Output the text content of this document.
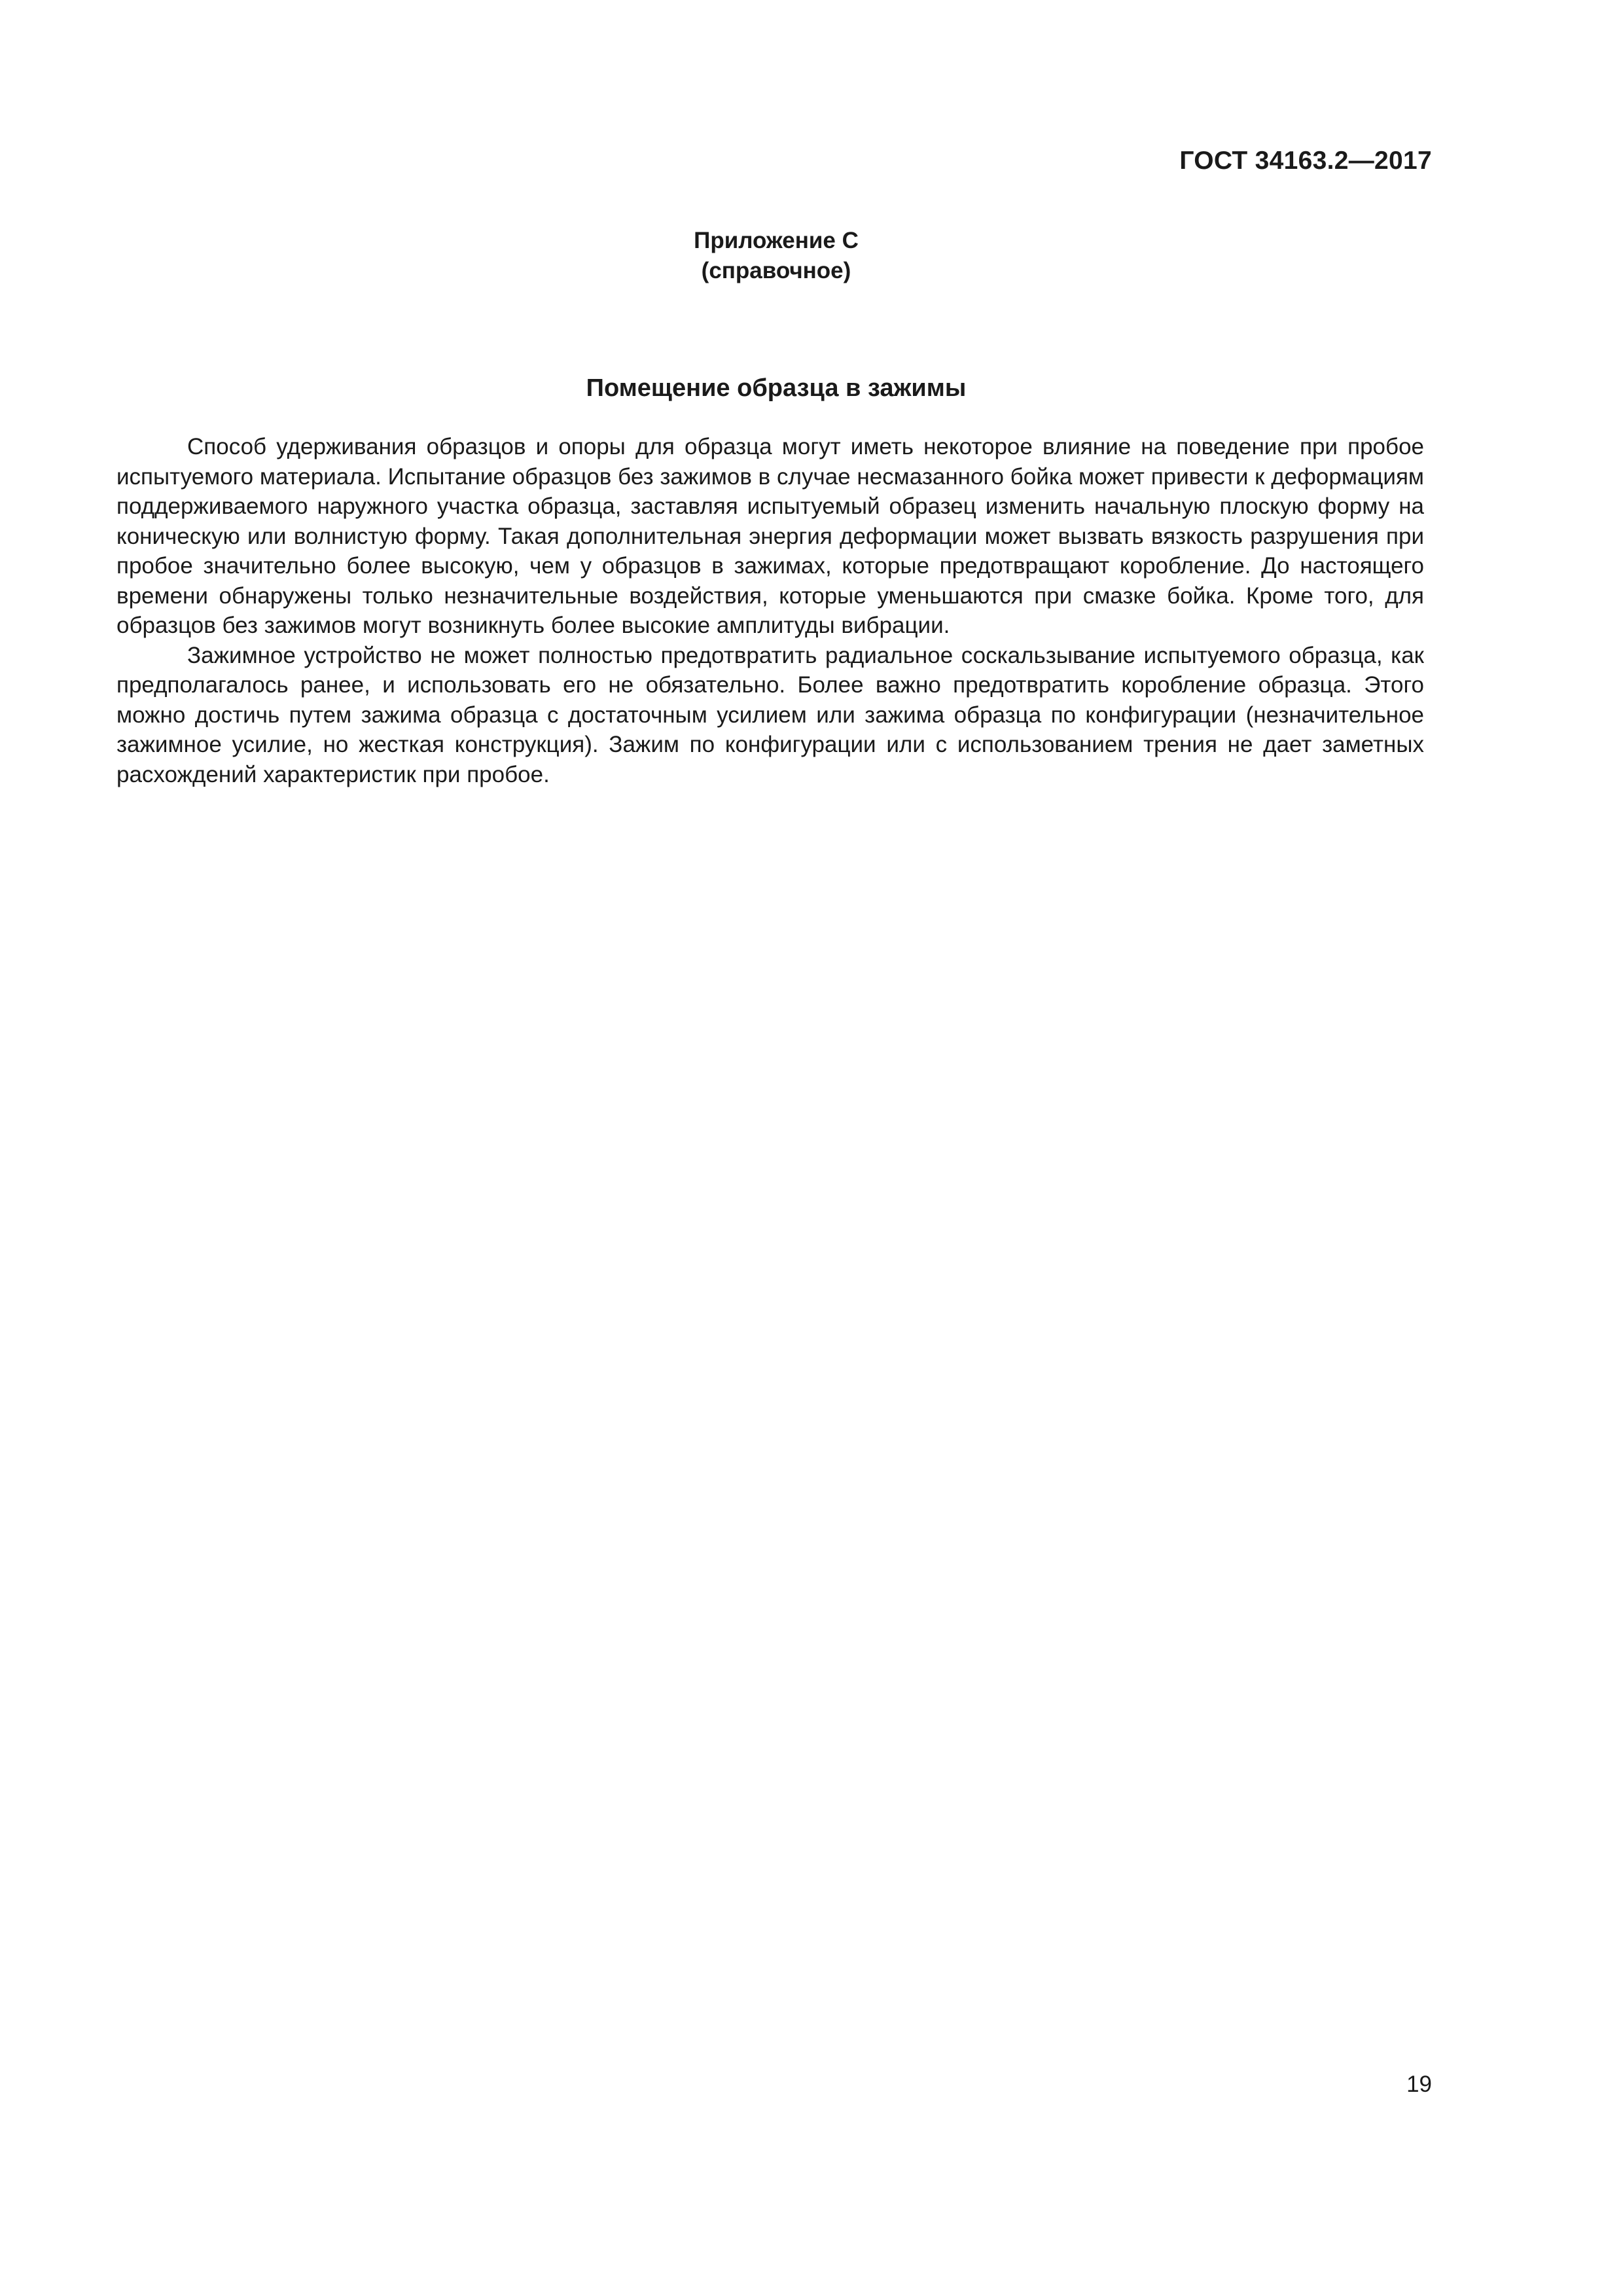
ГОСТ 34163.2—2017

Приложение С
(справочное)
Помещение образца в зажимы

Способ удерживания образцов и опоры для образца могут иметь некоторое влияние на поведение при пробое испытуемого материала. Испытание образцов без зажимов в случае несмазанного бойка может привести к деформациям поддерживаемого наружного участка образца, заставляя испытуемый образец изменить начальную плоскую форму на коническую или волнистую форму. Такая дополнительная энергия деформации может вызвать вязкость разрушения при пробое значительно более высокую, чем у образцов в зажимах, которые предотвращают коробление. До настоящего времени обнаружены только незначительные воздействия, которые уменьшаются при смазке бойка. Кроме того, для образцов без зажимов могут возникнуть более высокие амплитуды вибрации.

Зажимное устройство не может полностью предотвратить радиальное соскальзывание испытуемого образца, как предполагалось ранее, и использовать его не обязательно. Более важно предотвратить коробление образца. Этого можно достичь путем зажима образца с достаточным усилием или зажима образца по конфигурации (незначительное зажимное усилие, но жесткая конструкция). Зажим по конфигурации или с использованием трения не дает заметных расхождений характеристик при пробое.

19
